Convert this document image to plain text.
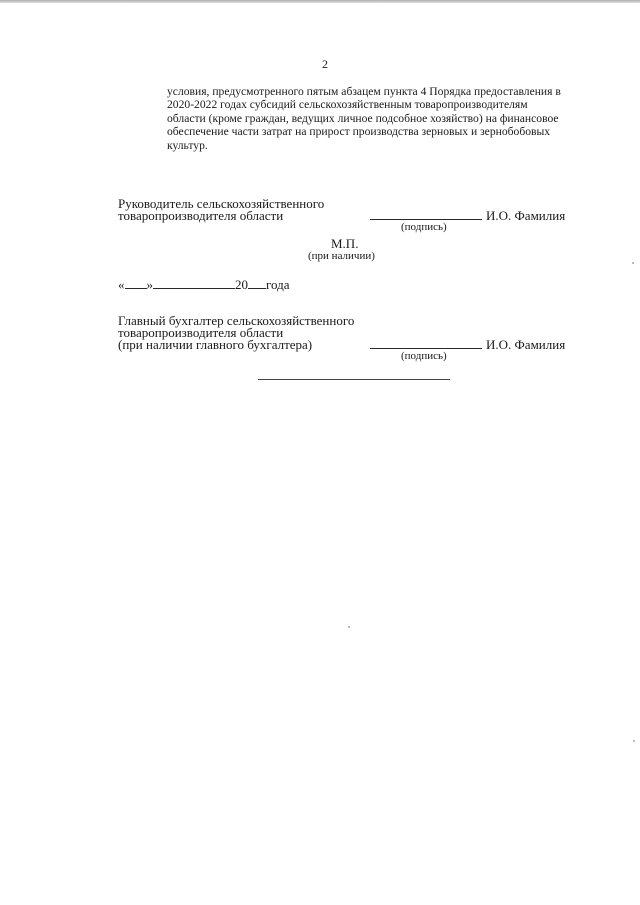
2
условия, предусмотренного пятым абзацем пункта 4 Порядка предоставления в
2020-2022 годах субсидий сельскохозяйственным товаропроизводителям
области (кроме граждан, ведущих личное подсобное хозяйство) на финансовое
обеспечение части затрат на прирост производства зерновых и зернобобовых
культур.
Руководитель сельскохозяйственного
товаропроизводителя области	И.О. Фамилия
(подпись)
М.П.
(при наличии)
« »	20 года
Главный бухгалтер сельскохозяйственного
товаропроизводителя области
(при наличии главного бухгалтера)	И.О. Фамилия
(подпись)
